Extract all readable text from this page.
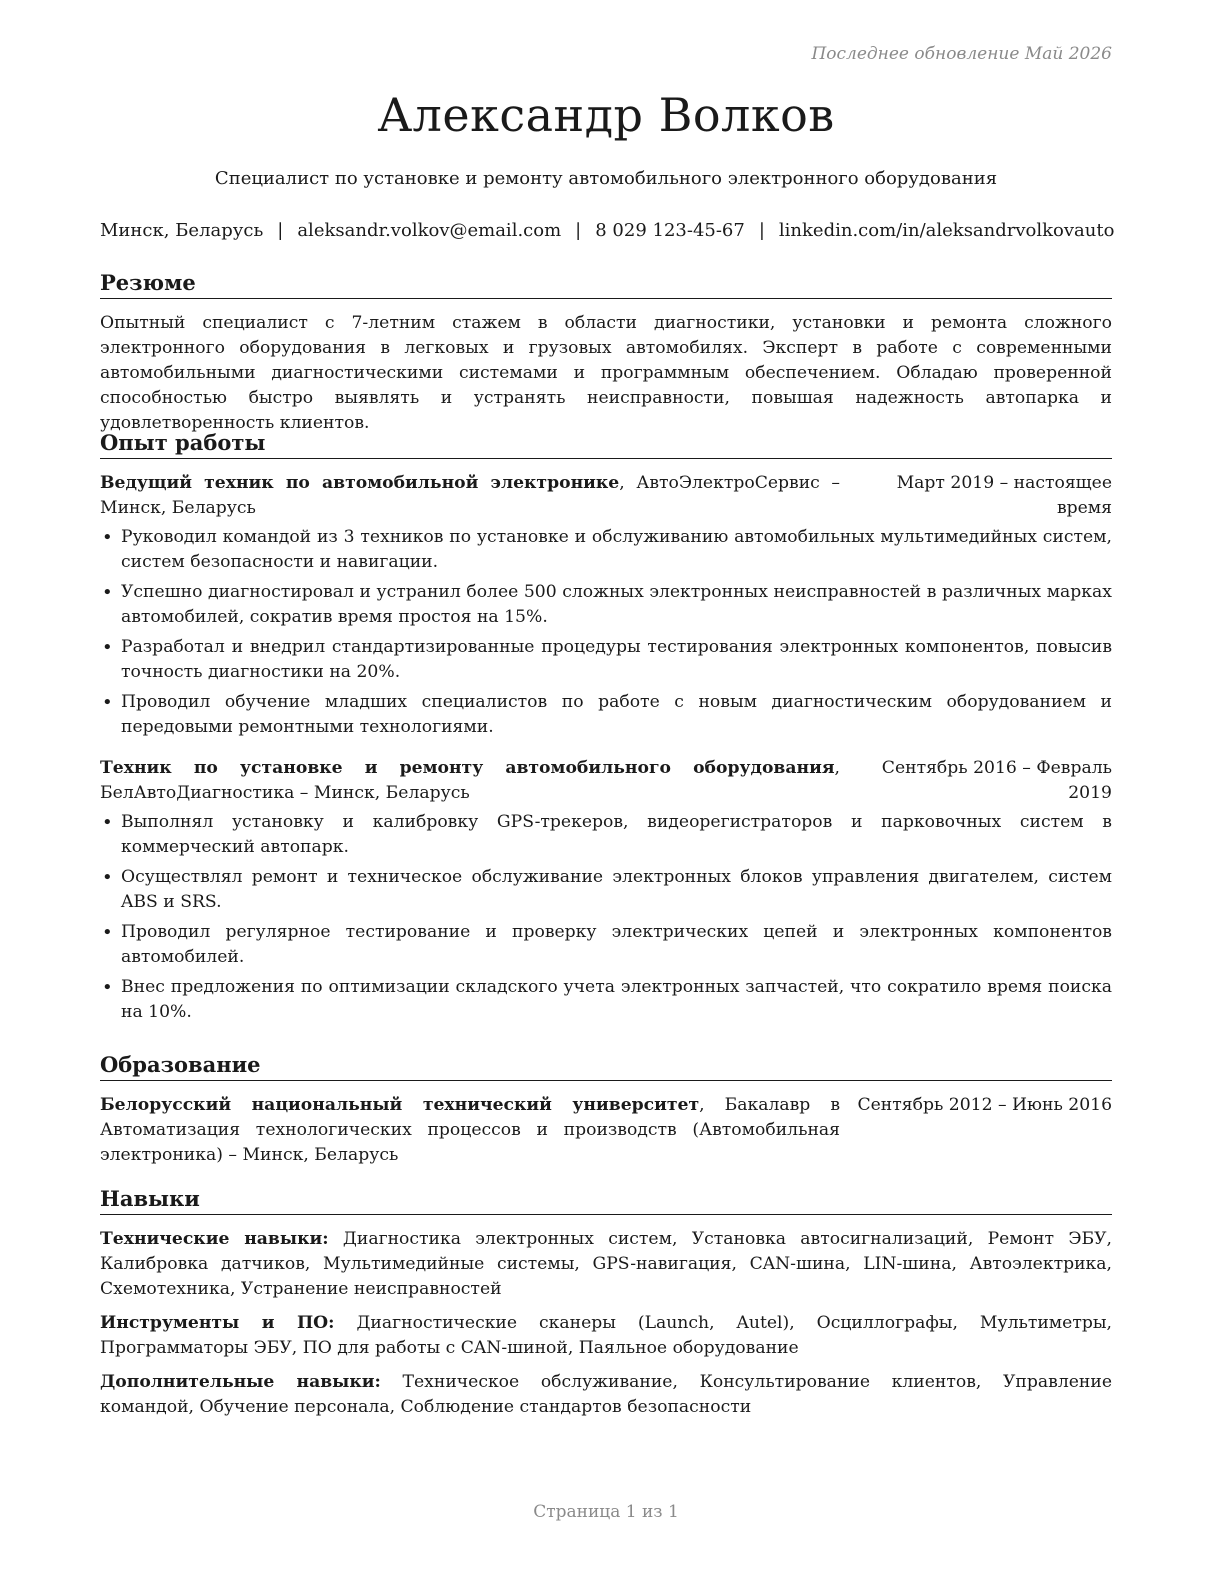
Последнее обновление Май 2026
Александр Волков
Специалист по установке и ремонту автомобильного электронного оборудования
Минск, Беларусь | aleksandr.volkov@email.com | 8 029 123-45-67 | linkedin.com/in/aleksandrvolkovauto
Резюме

Опытный специалист с 7-летним стажем в области диагностики, установки и ремонта сложного электронного оборудования в легковых и грузовых автомобилях. Эксперт в работе с современными автомобильными диагностическими системами и программным обеспечением. Обладаю проверенной способностью быстро выявлять и устранять неисправности, повышая надежность автопарка и удовлетворенность клиентов.

Опыт работы
Ведущий техник по автомобильной электронике, АвтоЭлектроСервис – Минск, Беларусь
Март 2019 – настоящее время
• Руководил командой из 3 техников по установке и обслуживанию автомобильных мультимедийных систем, систем безопасности и навигации.
• Успешно диагностировал и устранил более 500 сложных электронных неисправностей в различных марках автомобилей, сократив время простоя на 15%.
• Разработал и внедрил стандартизированные процедуры тестирования электронных компонентов, повысив точность диагностики на 20%.
• Проводил обучение младших специалистов по работе с новым диагностическим оборудованием и передовыми ремонтными технологиями.
Техник по установке и ремонту автомобильного оборудования, БелАвтоДиагностика – Минск, Беларусь
Сентябрь 2016 – Февраль 2019
• Выполнял установку и калибровку GPS-трекеров, видеорегистраторов и парковочных систем в коммерческий автопарк.
• Осуществлял ремонт и техническое обслуживание электронных блоков управления двигателем, систем ABS и SRS.
• Проводил регулярное тестирование и проверку электрических цепей и электронных компонентов автомобилей.
• Внес предложения по оптимизации складского учета электронных запчастей, что сократило время поиска на 10%.
Образование
Белорусский национальный технический университет, Бакалавр в Автоматизация технологических процессов и производств (Автомобильная электроника) – Минск, Беларусь
Сентябрь 2012 – Июнь 2016
Навыки

Технические навыки: Диагностика электронных систем, Установка автосигнализаций, Ремонт ЭБУ, Калибровка датчиков, Мультимедийные системы, GPS-навигация, CAN-шина, LIN-шина, Автоэлектрика, Схемотехника, Устранение неисправностей

Инструменты и ПО: Диагностические сканеры (Launch, Autel), Осциллографы, Мультиметры, Программаторы ЭБУ, ПО для работы с CAN-шиной, Паяльное оборудование

Дополнительные навыки: Техническое обслуживание, Консультирование клиентов, Управление командой, Обучение персонала, Соблюдение стандартов безопасности

Страница 1 из 1
